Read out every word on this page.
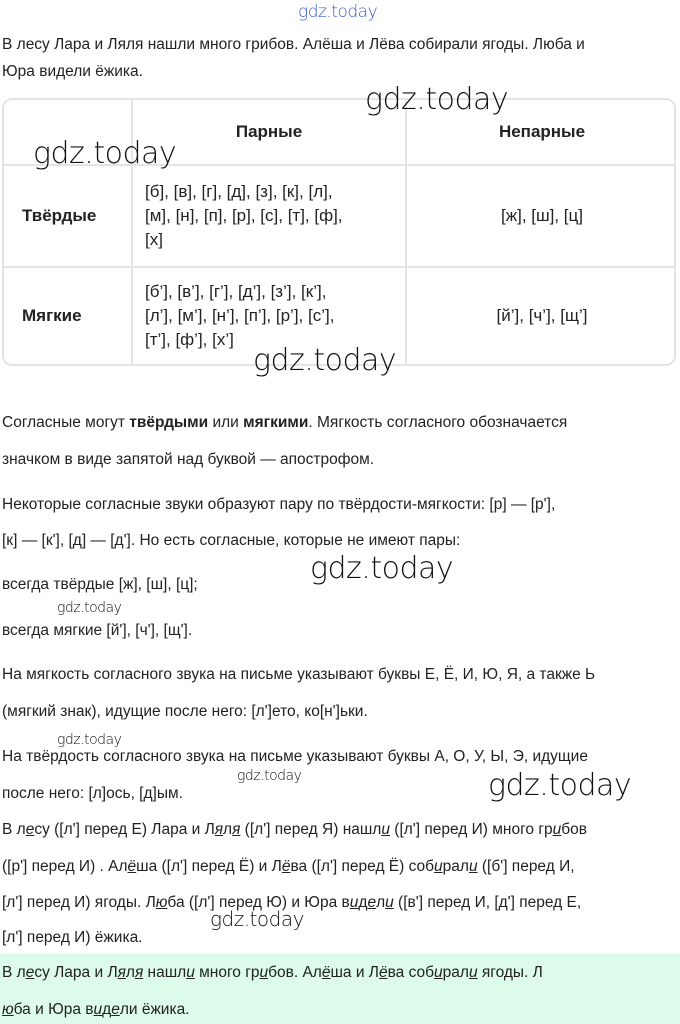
gdz.today
В лесу Лара и Ляля нашли много грибов. Алёша и Лёва собирали ягоды. Люба и
Юра видели ёжика.
Парные	Непарные
Твёрдые
[б], [в], [г], [д], [з], [к], [л],
[м], [н], [п], [р], [с], [т], [ф],
[х]
[ж], [ш], [ц]
Мягкие
[б’], [в’], [г’], [д’], [з’], [к’],
[л’], [м’], [н’], [п’], [р’], [с’],
[т’], [ф’], [х’]
[й’], [ч’], [щ’]
Согласные могут твёрдыми или мягкими. Мягкость согласного обозначается
значком в виде запятой над буквой — апострофом.
Некоторые согласные звуки образуют пару по твёрдости-мягкости: [р] — [р'],
[к] — [к'], [д] — [д']. Но есть согласные, которые не имеют пары:
всегда твёрдые [ж], [ш], [ц];
всегда мягкие [й'], [ч'], [щ'].
На мягкость согласного звука на письме указывают буквы Е, Ё, И, Ю, Я, а также Ь
(мягкий знак), идущие после него: [л']ето, ко[н']ьки.
На твёрдость согласного звука на письме указывают буквы А, О, У, Ы, Э, идущие
после него: [л]ось, [д]ым.
В лесу ([л'] перед Е) Лара и Ляля ([л'] перед Я) нашли ([л'] перед И) много грибов
([р'] перед И) . Алёша ([л'] перед Ё) и Лёва ([л'] перед Ё) собирали ([б'] перед И,
[л'] перед И) ягоды. Люба ([л'] перед Ю) и Юра видели ([в'] перед И, [д'] перед Е,
[л'] перед И) ёжика.
В лесу Лара и Ляля нашли много грибов. Алёша и Лёва собирали ягоды. Л
юба и Юра видели ёжика.
gdz.today
gdz.today
gdz.today
gdz.today
gdz.today
gdz.today
gdz.today	gdz.today
gdz.today
